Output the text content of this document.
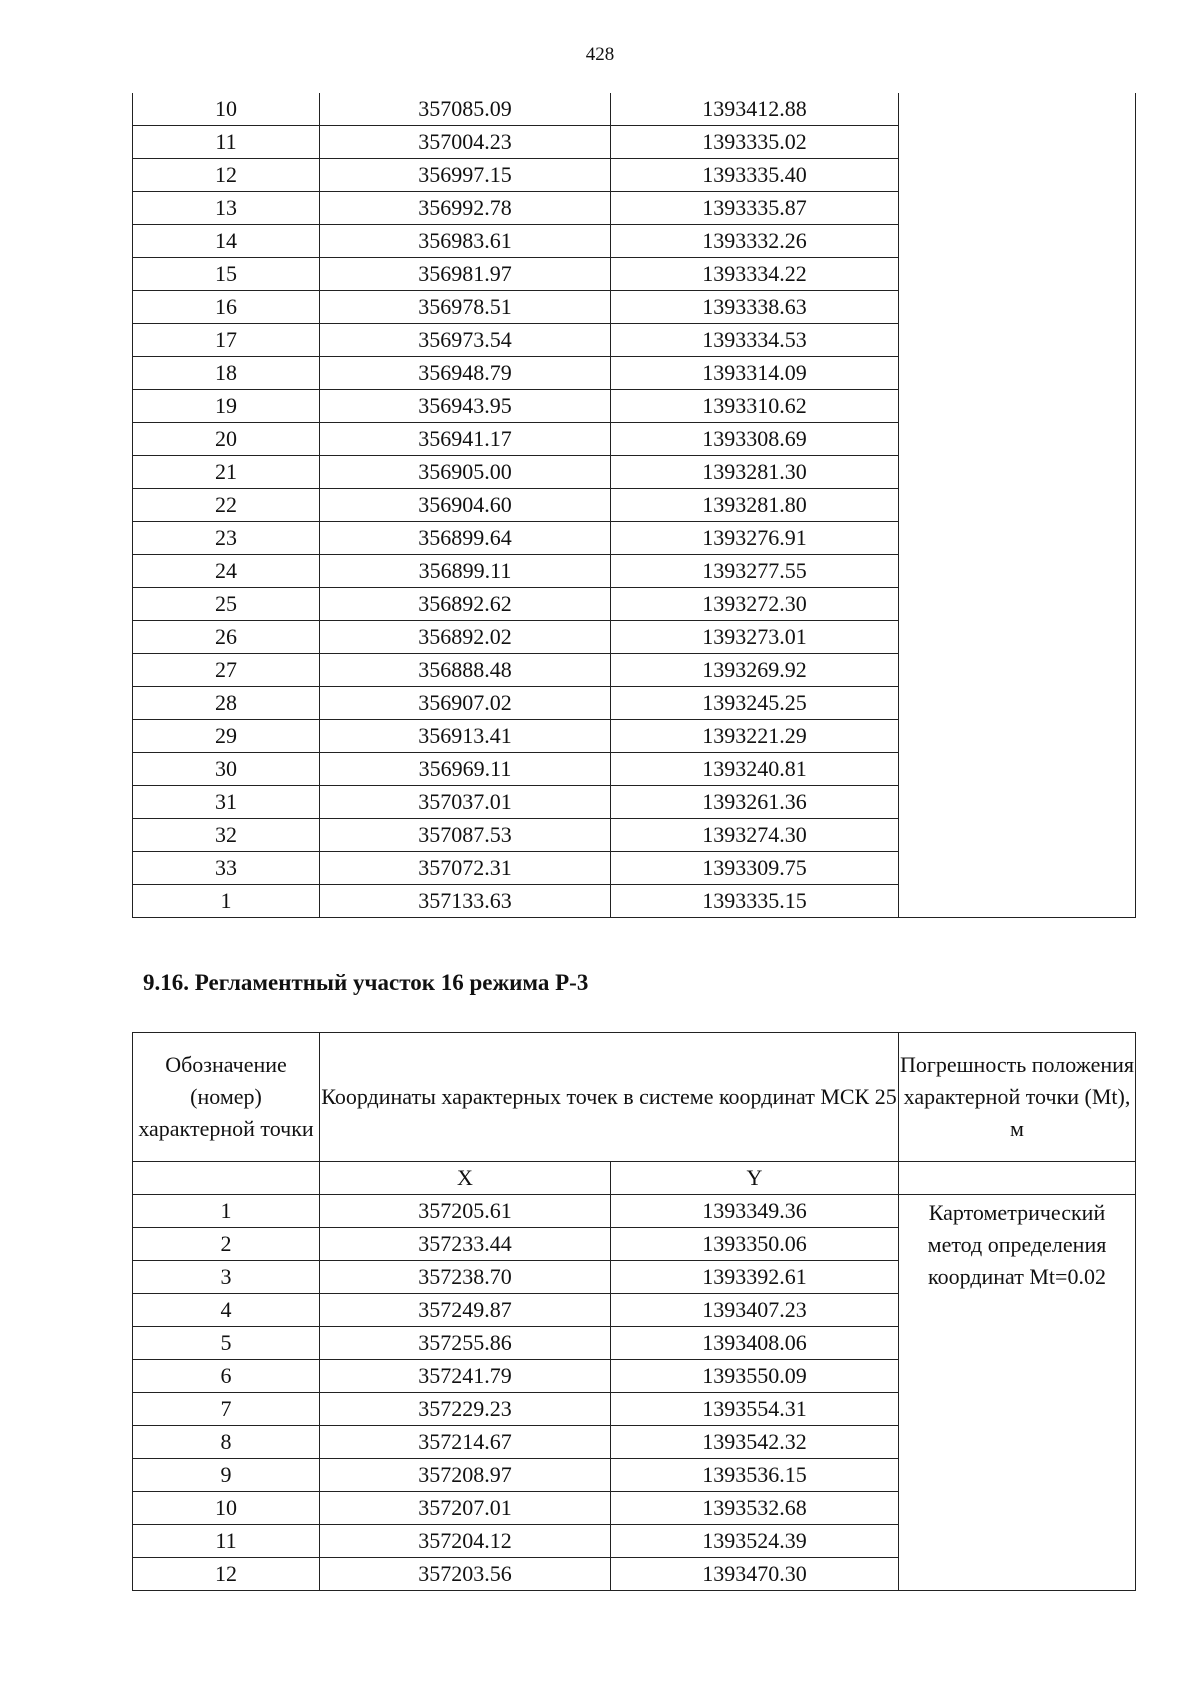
428
10	357085.09	1393412.88	
11	357004.23	1393335.02	
12	356997.15	1393335.40	
13	356992.78	1393335.87	
14	356983.61	1393332.26	
15	356981.97	1393334.22	
16	356978.51	1393338.63	
17	356973.54	1393334.53	
18	356948.79	1393314.09	
19	356943.95	1393310.62	
20	356941.17	1393308.69	
21	356905.00	1393281.30	
22	356904.60	1393281.80	
23	356899.64	1393276.91	
24	356899.11	1393277.55	
25	356892.62	1393272.30	
26	356892.02	1393273.01	
27	356888.48	1393269.92	
28	356907.02	1393245.25	
29	356913.41	1393221.29	
30	356969.11	1393240.81	
31	357037.01	1393261.36	
32	357087.53	1393274.30	
33	357072.31	1393309.75	
1	357133.63	1393335.15	
9.16. Регламентный участок 16 режима Р-3
Обозначение (номер) характерной точки	Координаты характерных точек в системе координат МСК 25		Погрешность положения характерной точки (Mt), м
	X	Y	
1	357205.61	1393349.36	Картометрический метод определения координат Mt=0.02
2	357233.44	1393350.06	
3	357238.70	1393392.61	
4	357249.87	1393407.23	
5	357255.86	1393408.06	
6	357241.79	1393550.09	
7	357229.23	1393554.31	
8	357214.67	1393542.32	
9	357208.97	1393536.15	
10	357207.01	1393532.68	
11	357204.12	1393524.39	
12	357203.56	1393470.30	
